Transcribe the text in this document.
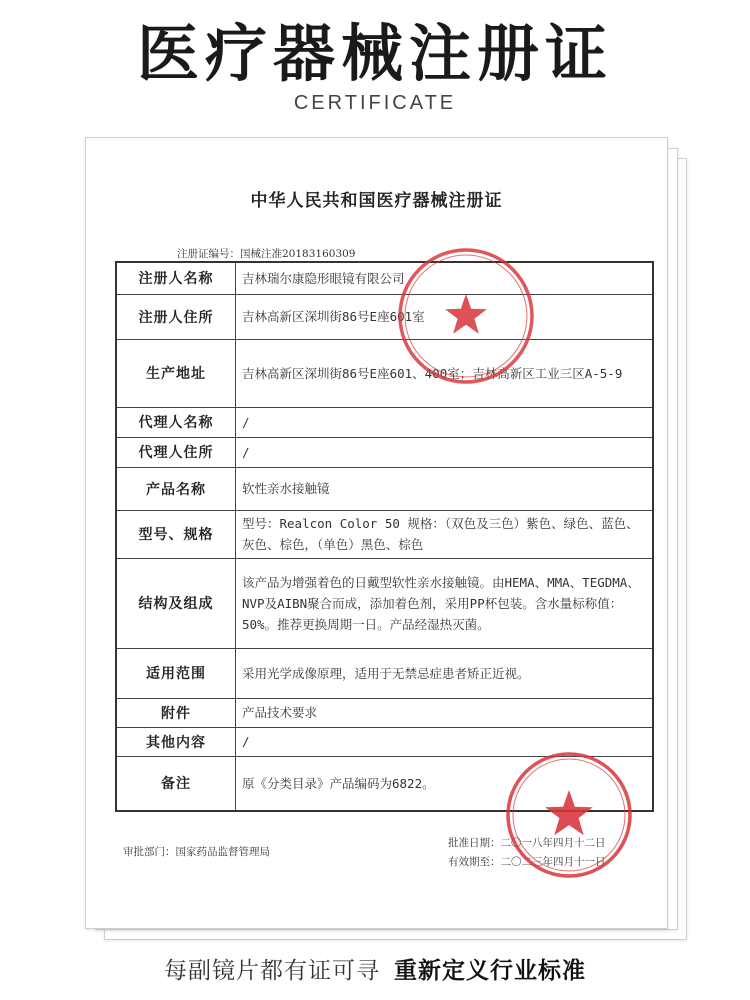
医疗器械注册证
CERTIFICATE
中华人民共和国医疗器械注册证
注册证编号：国械注准20183160309
注册人名称	吉林瑞尔康隐形眼镜有限公司
注册人住所	吉林高新区深圳街86号E座601室
生产地址	吉林高新区深圳街86号E座601、400室；吉林高新区工业三区A-5-9
代理人名称	/
代理人住所	/
产品名称	软性亲水接触镜
型号、规格	型号：Realcon Color 50 规格：（双色及三色）紫色、绿色、蓝色、灰色、棕色，（单色）黑色、棕色
结构及组成	该产品为增强着色的日戴型软性亲水接触镜。由HEMA、MMA、TEGDMA、NVP及AIBN聚合而成，添加着色剂，采用PP杯包装。含水量标称值：50%。推荐更换周期一日。产品经湿热灭菌。
适用范围	采用光学成像原理，适用于无禁忌症患者矫正近视。
附件	产品技术要求
其他内容	/
备注	原《分类目录》产品编码为6822。
审批部门：国家药品监督管理局
批准日期：二〇一八年四月十二日
有效期至：二〇二三年四月十一日
每副镜片都有证可寻 重新定义行业标准
